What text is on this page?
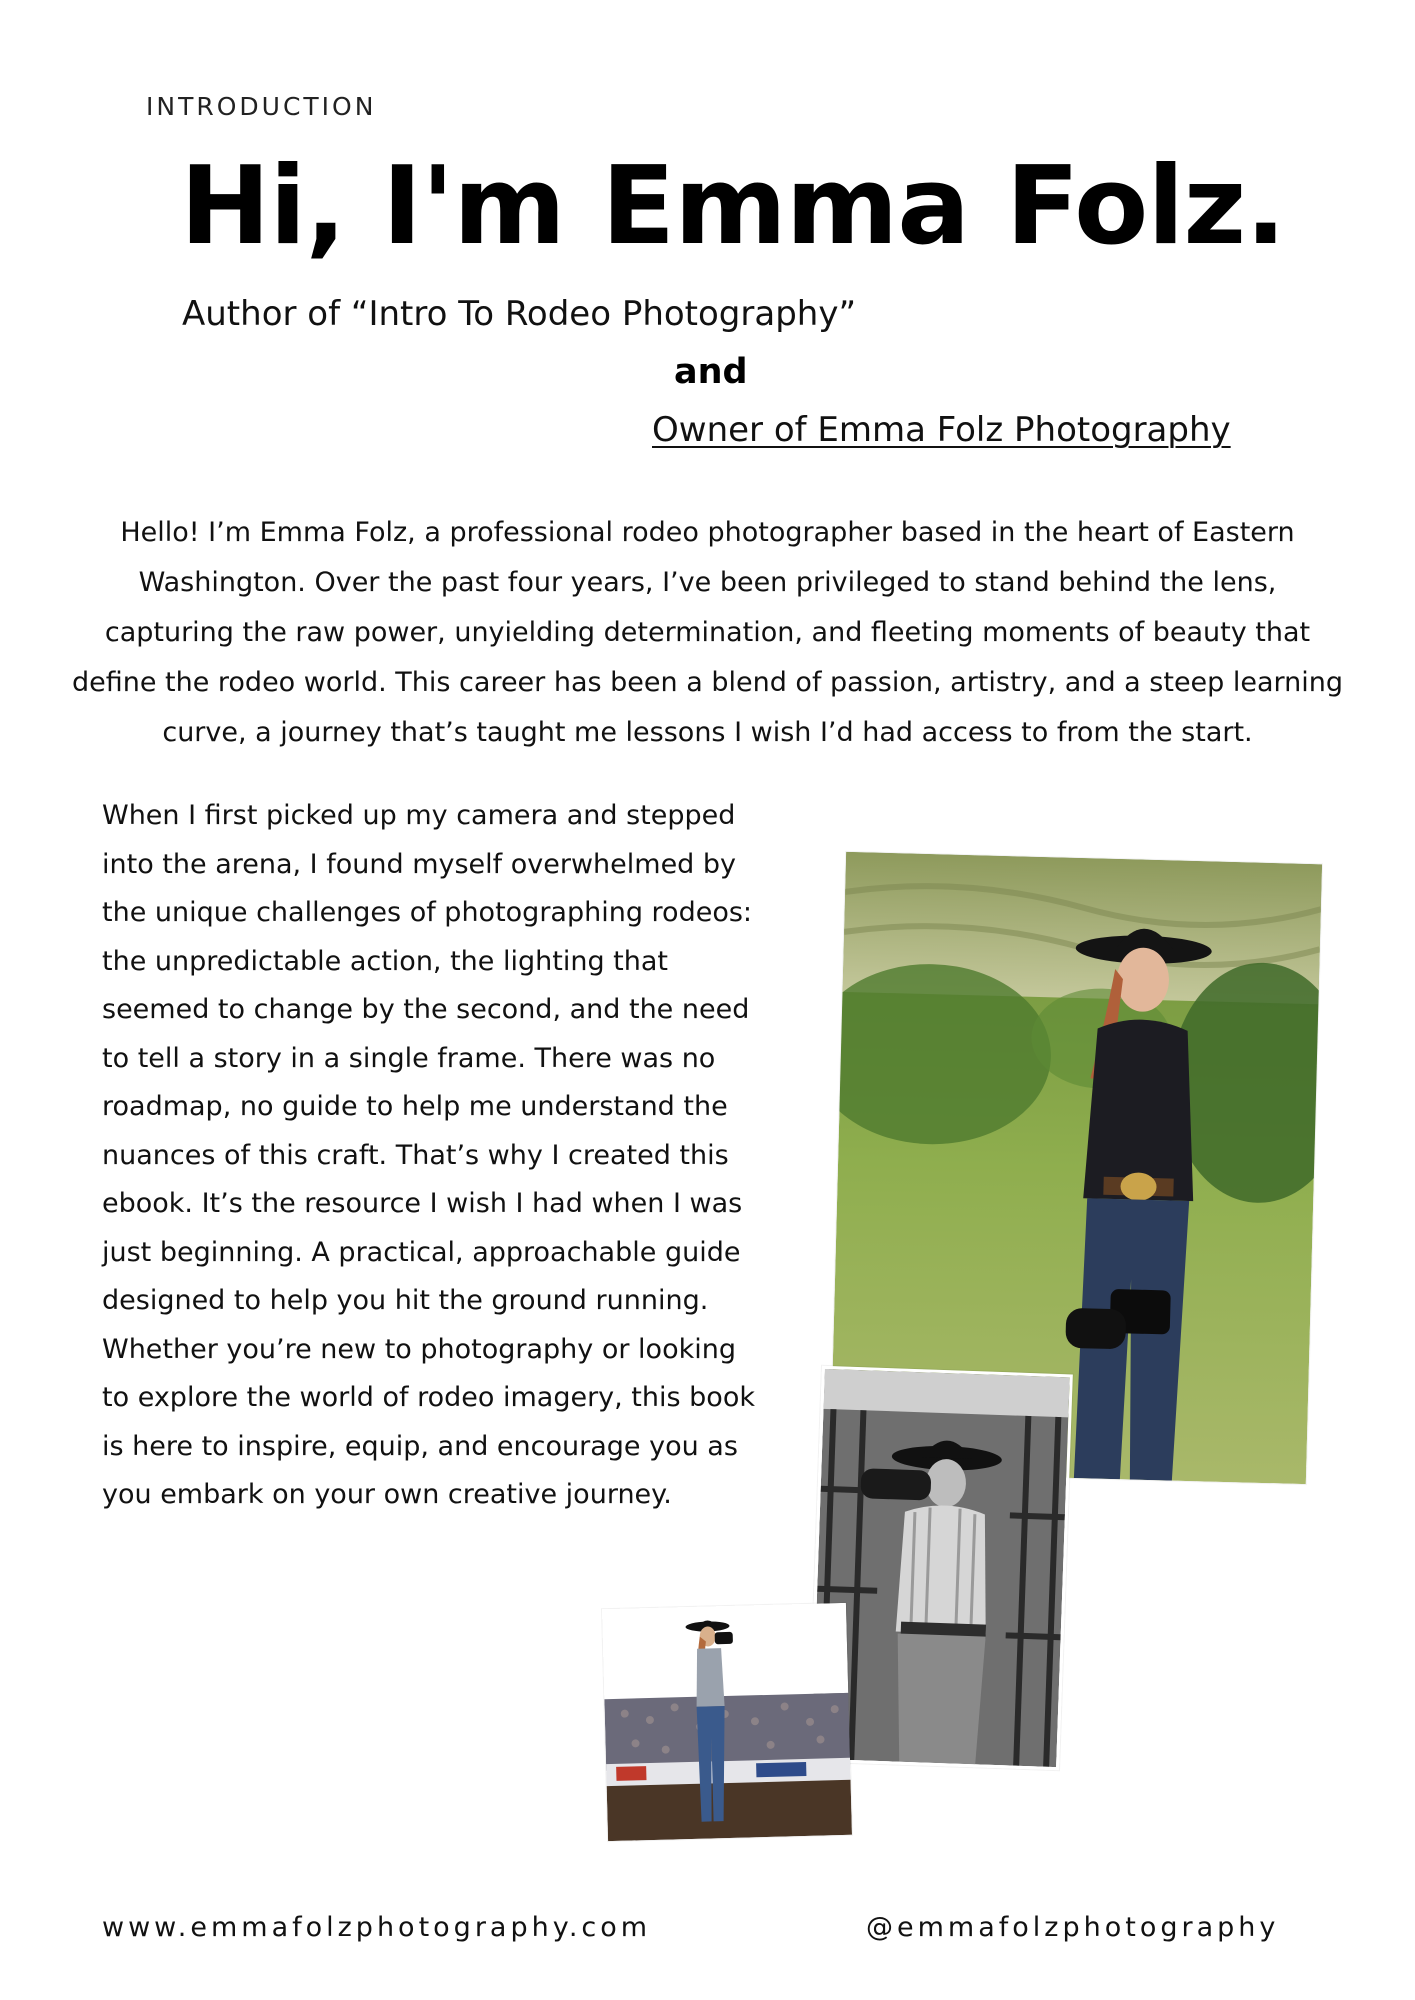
INTRODUCTION
Hi, I'm Emma Folz.
Author of “Intro To Rodeo Photography”
and
Owner of Emma Folz Photography

Hello! I’m Emma Folz, a professional rodeo photographer based in the heart of Eastern Washington. Over the past four years, I’ve been privileged to stand behind the lens, capturing the raw power, unyielding determination, and fleeting moments of beauty that define the rodeo world. This career has been a blend of passion, artistry, and a steep learning curve, a journey that’s taught me lessons I wish I’d had access to from the start.

When I first picked up my camera and stepped into the arena, I found myself overwhelmed by the unique challenges of photographing rodeos: the unpredictable action, the lighting that seemed to change by the second, and the need to tell a story in a single frame. There was no roadmap, no guide to help me understand the nuances of this craft. That’s why I created this ebook. It’s the resource I wish I had when I was just beginning. A practical, approachable guide designed to help you hit the ground running. Whether you’re new to photography or looking to explore the world of rodeo imagery, this book is here to inspire, equip, and encourage you as you embark on your own creative journey.

www.emmafolzphotography.com	@emmafolzphotography
